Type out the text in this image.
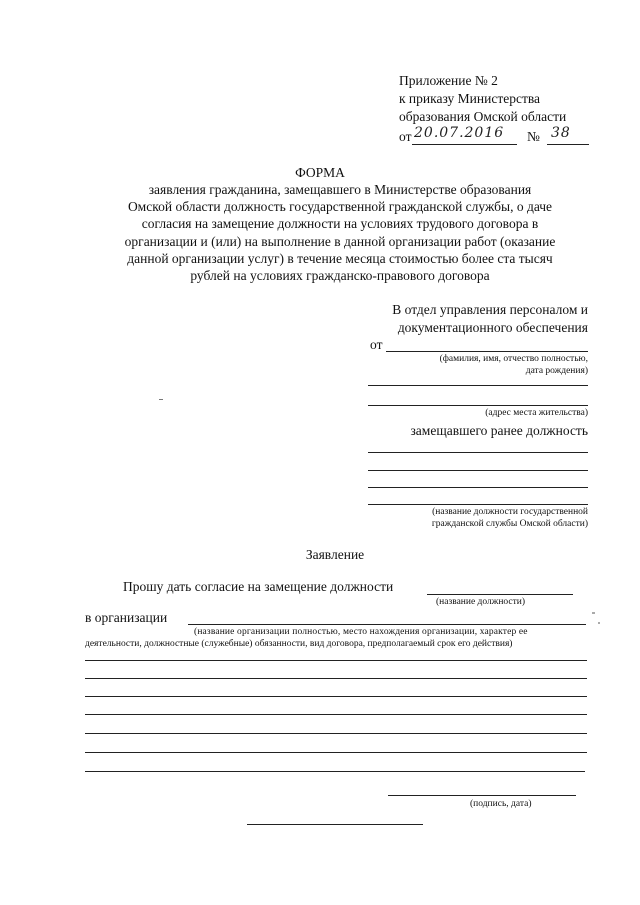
Приложение № 2
к приказу Министерства
образования Омской области
от 20.07.2016 № 38
ФОРМА
заявления гражданина, замещавшего в Министерстве образования
Омской области должность государственной гражданской службы, о даче
согласия на замещение должности на условиях трудового договора в
организации и (или) на выполнение в данной организации работ (оказание
данной организации услуг) в течение месяца стоимостью более ста тысяч
рублей на условиях гражданско-правового договора
В отдел управления персоналом и
документационного обеспечения
от
(фамилия, имя, отчество полностью,
дата рождения)
(адрес места жительства)
замещавшего ранее должность
(название должности государственной
гражданской службы Омской области)
Заявление
Прошу дать согласие на замещение должности
(название должности)
в организации
(название организации полностью, место нахождения организации, характер ее
деятельности, должностные (служебные) обязанности, вид договора, предполагаемый срок его действия)
(подпись, дата)
